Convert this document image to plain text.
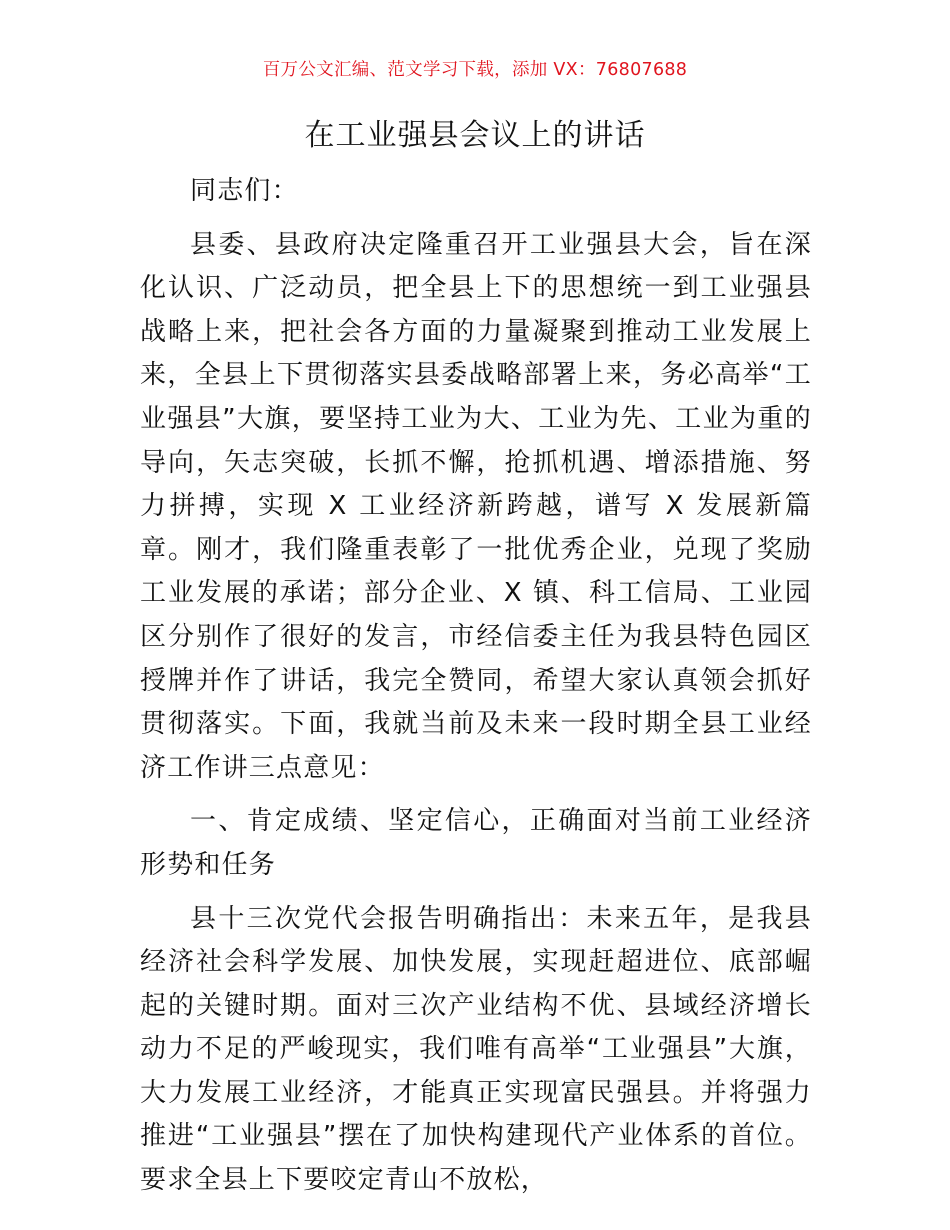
百万公文汇编、范文学习下载，添加 VX：76807688
在工业强县会议上的讲话

同志们：

县委、县政府决定隆重召开工业强县大会，旨在深化认识、广泛动员，把全县上下的思想统一到工业强县战略上来，把社会各方面的力量凝聚到推动工业发展上来，全县上下贯彻落实县委战略部署上来，务必高举“工业强县”大旗，要坚持工业为大、工业为先、工业为重的导向，矢志突破，长抓不懈，抢抓机遇、增添措施、努力拼搏，实现 X 工业经济新跨越，谱写 X 发展新篇章。刚才，我们隆重表彰了一批优秀企业，兑现了奖励工业发展的承诺；部分企业、X 镇、科工信局、工业园区分别作了很好的发言，市经信委主任为我县特色园区授牌并作了讲话，我完全赞同，希望大家认真领会抓好贯彻落实。下面，我就当前及未来一段时期全县工业经济工作讲三点意见：

一、肯定成绩、坚定信心，正确面对当前工业经济形势和任务

县十三次党代会报告明确指出：未来五年，是我县经济社会科学发展、加快发展，实现赶超进位、底部崛起的关键时期。面对三次产业结构不优、县域经济增长动力不足的严峻现实，我们唯有高举“工业强县”大旗，大力发展工业经济，才能真正实现富民强县。并将强力推进“工业强县”摆在了加快构建现代产业体系的首位。要求全县上下要咬定青山不放松，
